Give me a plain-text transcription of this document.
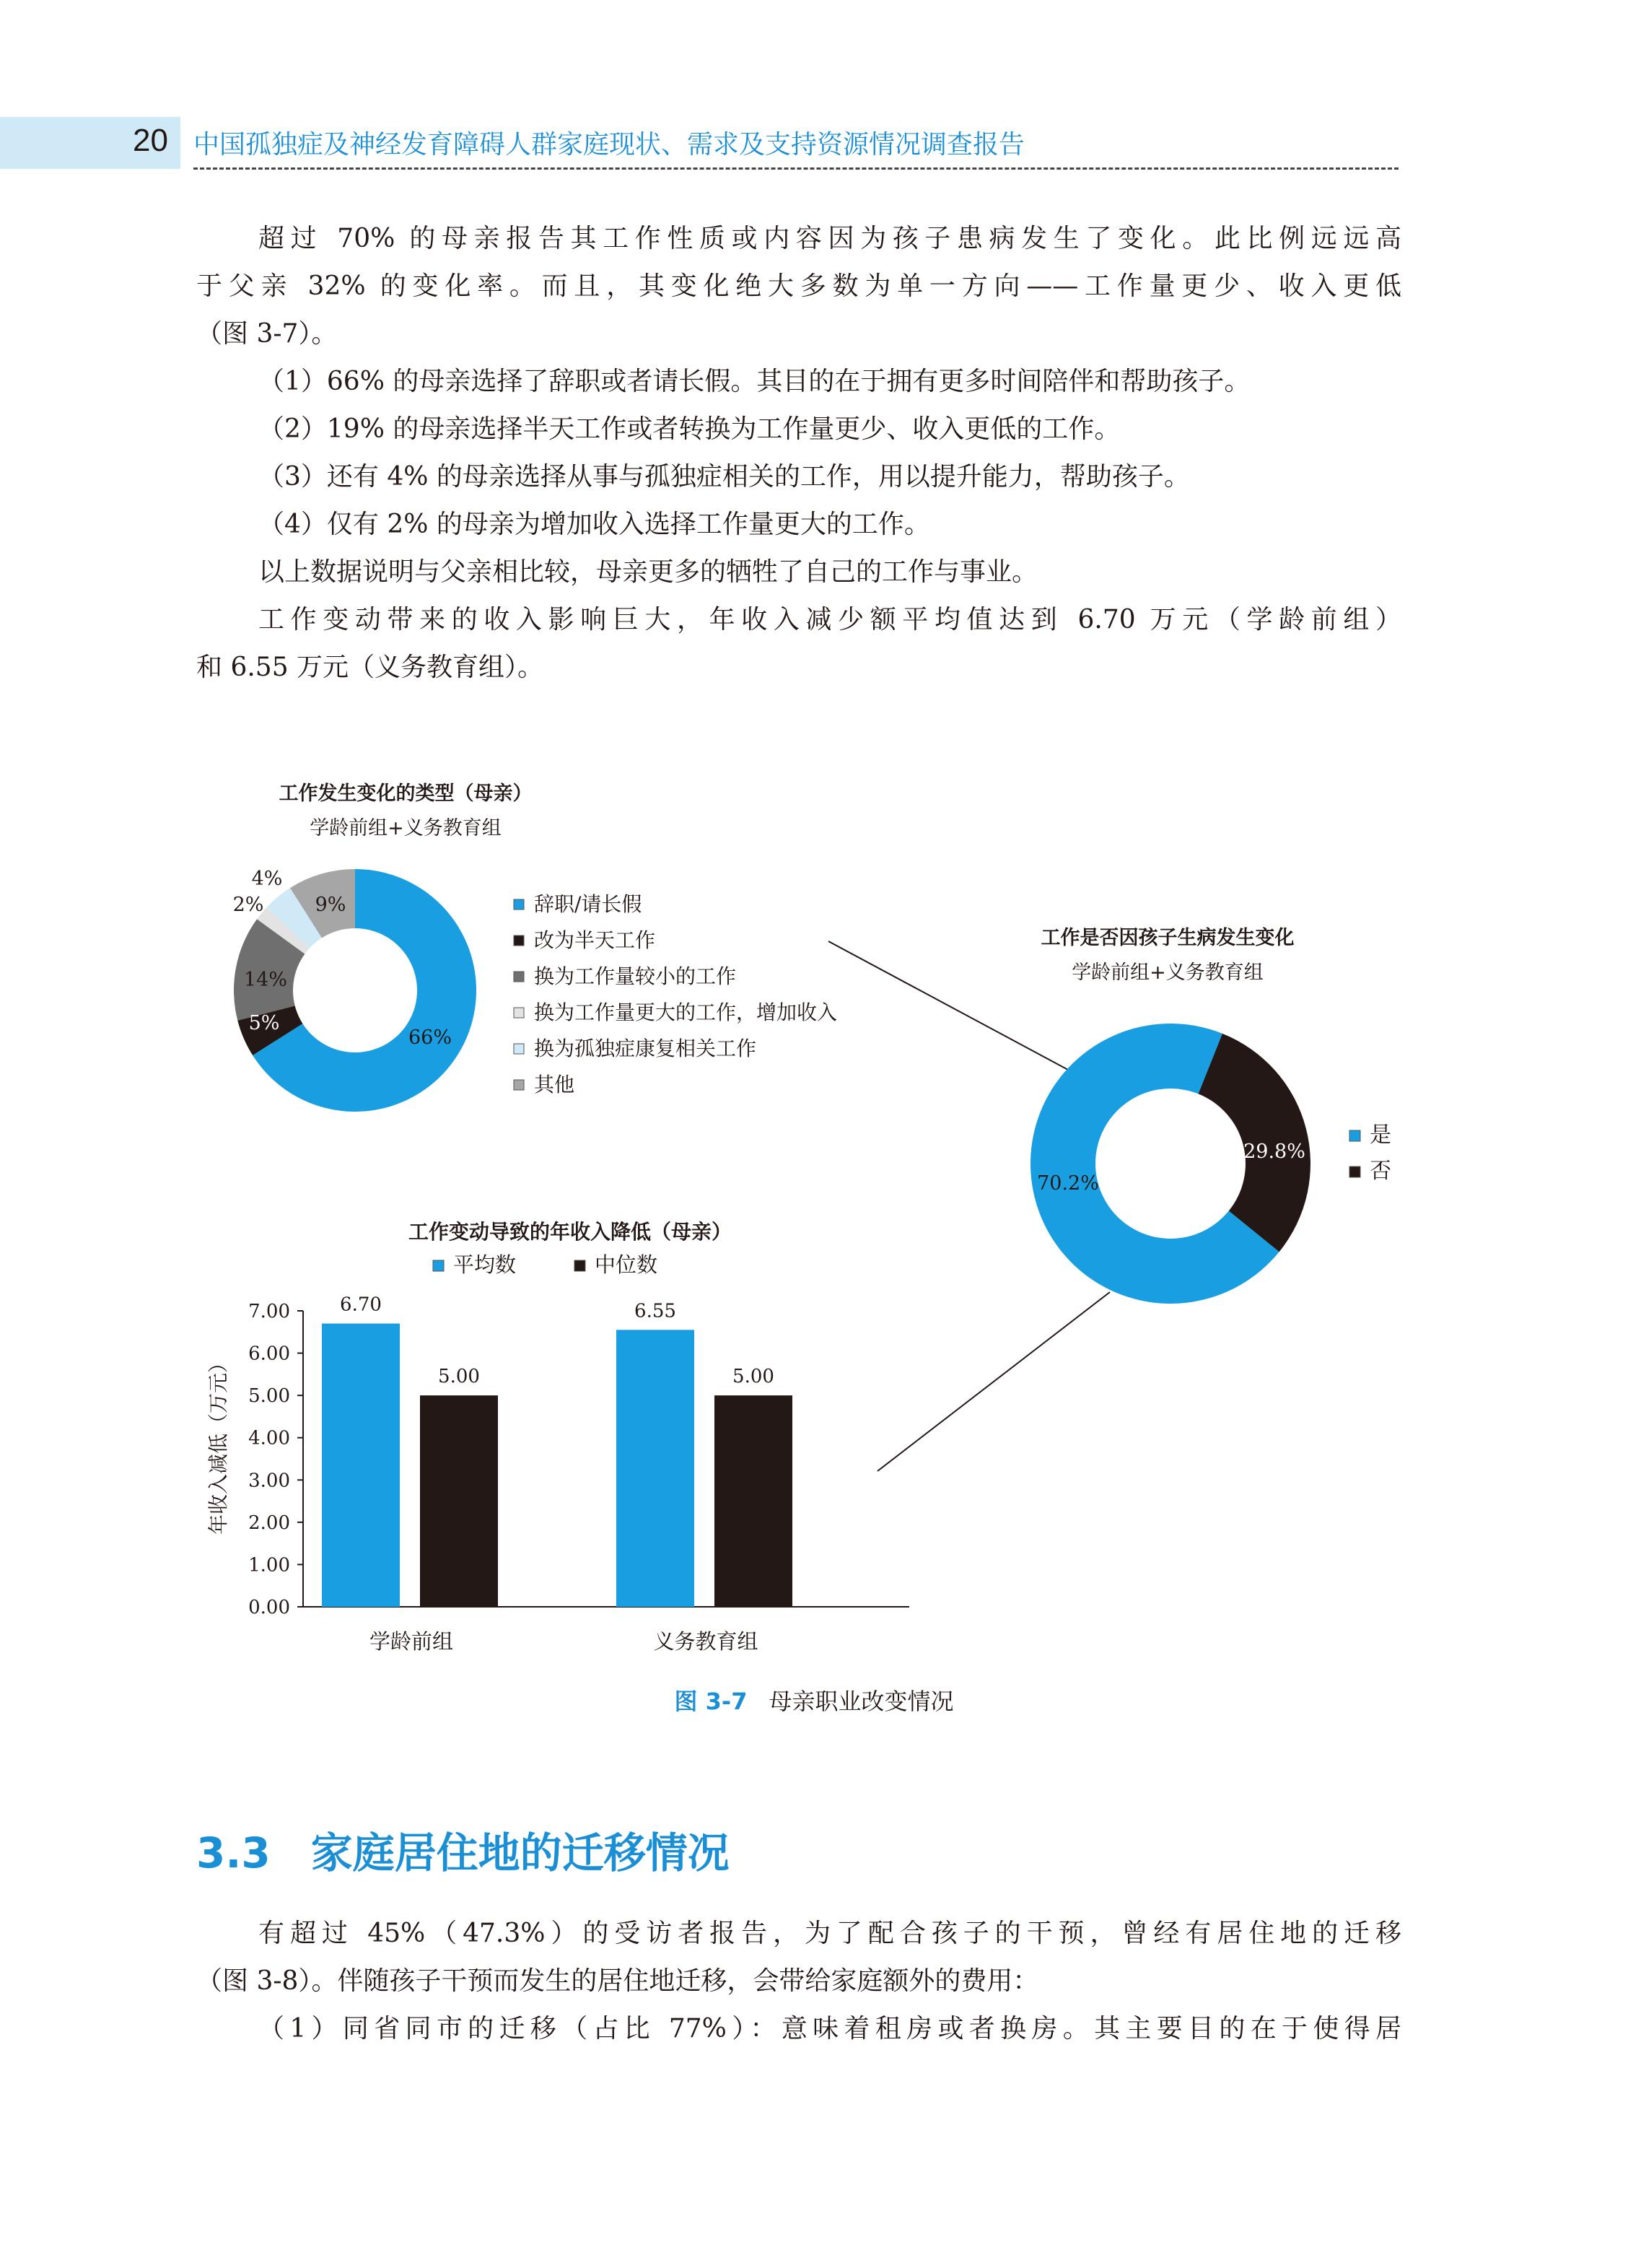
20 中国孤独症及神经发育障碍人群家庭现状、需求及支持资源情况调查报告

超过 70% 的母亲报告其工作性质或内容因为孩子患病发生了变化。此比例远远高

于父亲 32% 的变化率。而且，其变化绝大多数为单一方向——工作量更少、收入更低

（图 3-7）。

（1）66% 的母亲选择了辞职或者请长假。其目的在于拥有更多时间陪伴和帮助孩子。

（2）19% 的母亲选择半天工作或者转换为工作量更少、收入更低的工作。

（3）还有 4% 的母亲选择从事与孤独症相关的工作，用以提升能力，帮助孩子。

（4）仅有 2% 的母亲为增加收入选择工作量更大的工作。

以上数据说明与父亲相比较，母亲更多的牺牲了自己的工作与事业。

工作变动带来的收入影响巨大，年收入减少额平均值达到 6.70 万元（学龄前组）

和 6.55 万元（义务教育组）。

工作发生变化的类型（母亲）
学龄前组+义务教育组
66%
5%
14%
2%
4%
9%	辞职/请长假
改为半天工作
换为工作量较小的工作
换为工作量更大的工作，增加收入
换为孤独症康复相关工作
其他
工作是否因孩子生病发生变化
学龄前组+义务教育组
70.2%
29.8%
是
否
工作变动导致的年收入降低（母亲）
平均数	中位数
0.00
1.00
2.00
3.00
4.00
5.00
6.00
7.00	6.70
5.00
学龄前组
6.55
5.00
义务教育组
年收入减低（万元）
图 3-7 母亲职业改变情况
3.3 家庭居住地的迁移情况

有超过 45%（47.3%）的受访者报告，为了配合孩子的干预，曾经有居住地的迁移

（图 3-8）。伴随孩子干预而发生的居住地迁移，会带给家庭额外的费用：

（1）同省同市的迁移（占比 77%）：意味着租房或者换房。其主要目的在于使得居
